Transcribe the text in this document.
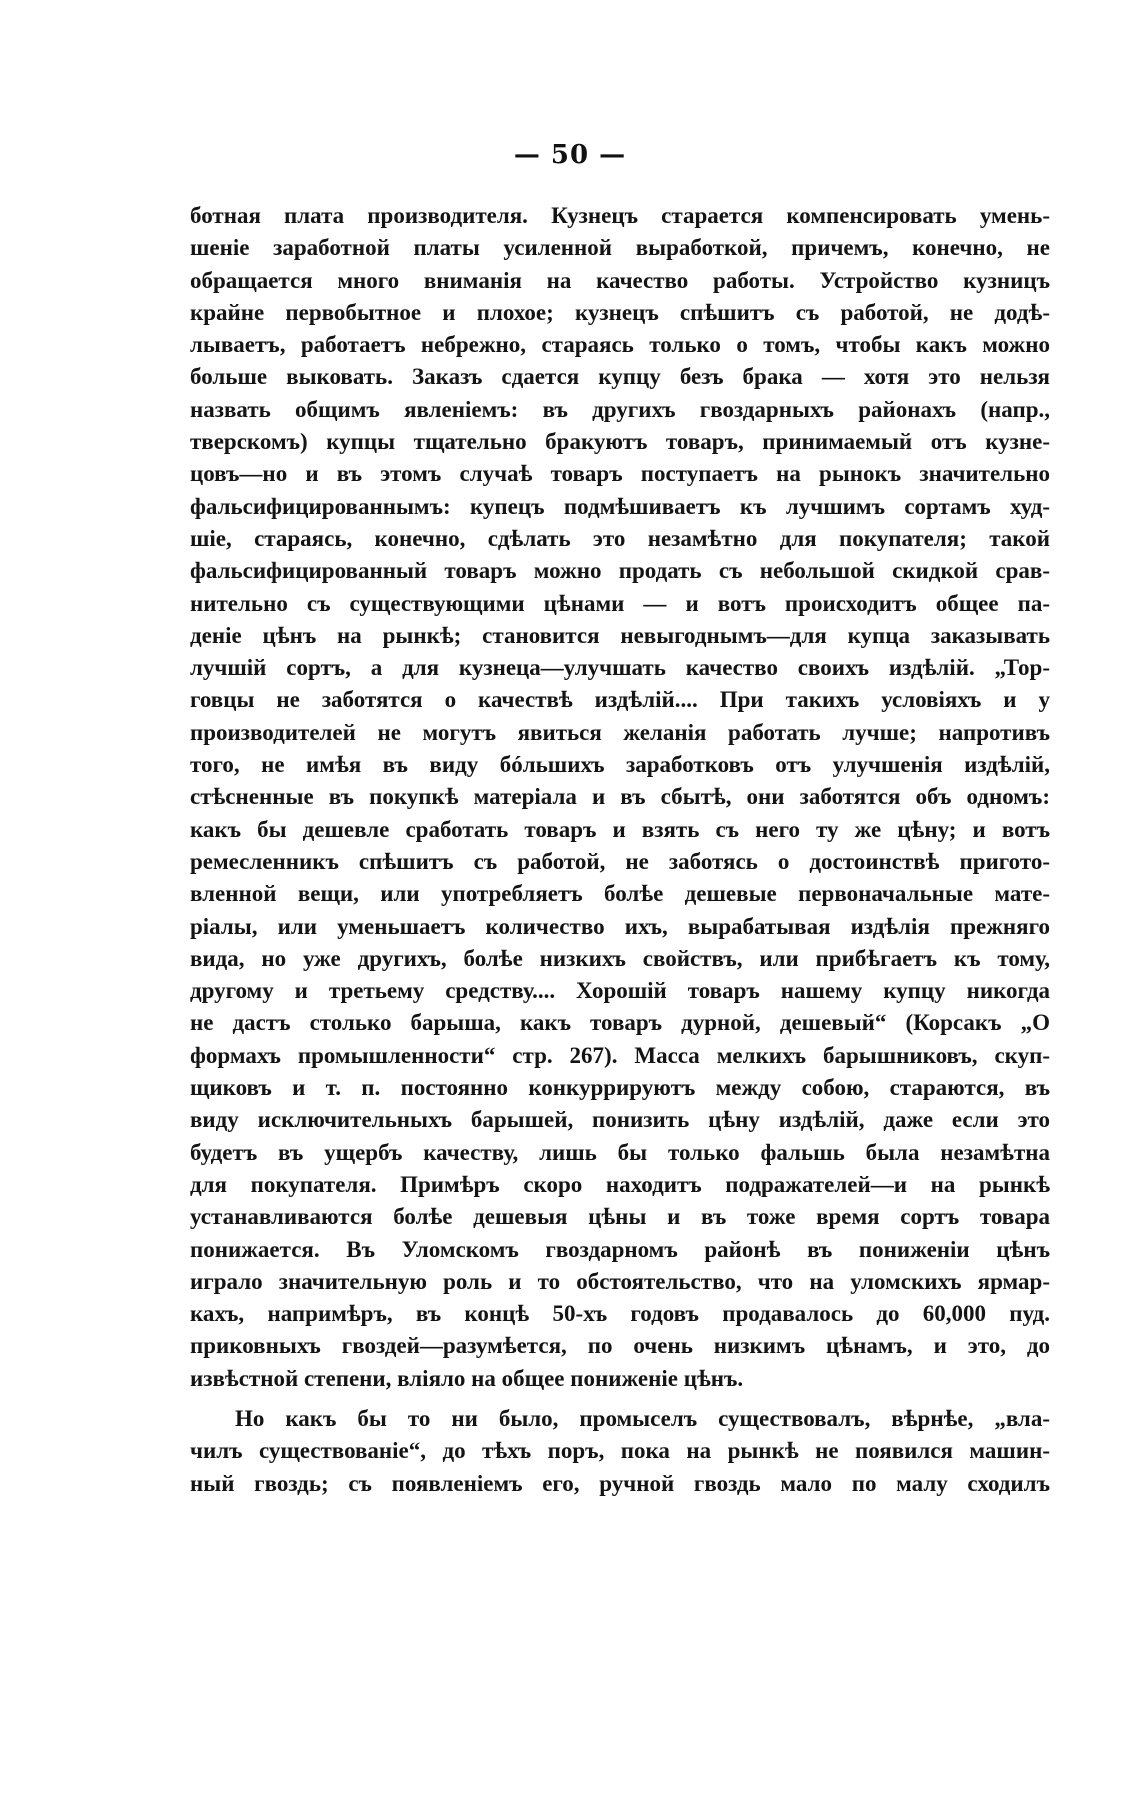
— 50 —
ботная плата производителя. Кузнецъ старается компенсировать умень-
шеніе заработной платы усиленной выработкой, причемъ, конечно, не
обращается много вниманія на качество работы. Устройство кузницъ
крайне первобытное и плохое; кузнецъ спѣшитъ съ работой, не додѣ-
лываетъ, работаетъ небрежно, стараясь только о томъ, чтобы какъ можно
больше выковать. Заказъ сдается купцу безъ брака — хотя это нельзя
назвать общимъ явленіемъ: въ другихъ гвоздарныхъ районахъ (напр.,
тверскомъ) купцы тщательно бракуютъ товаръ, принимаемый отъ кузне-
цовъ—но и въ этомъ случаѣ товаръ поступаетъ на рынокъ значительно
фальсифицированнымъ: купецъ подмѣшиваетъ къ лучшимъ сортамъ худ-
шіе, стараясь, конечно, сдѣлать это незамѣтно для покупателя; такой
фальсифицированный товаръ можно продать съ небольшой скидкой срав-
нительно съ существующими цѣнами — и вотъ происходитъ общее па-
деніе цѣнъ на рынкѣ; становится невыгоднымъ—для купца заказывать
лучшій сортъ, а для кузнеца—улучшать качество своихъ издѣлій. „Тор-
говцы не заботятся о качествѣ издѣлій.... При такихъ условіяхъ и у
производителей не могутъ явиться желанія работать лучше; напротивъ
того, не имѣя въ виду бóльшихъ заработковъ отъ улучшенія издѣлій,
стѣсненные въ покупкѣ матеріала и въ сбытѣ, они заботятся объ одномъ:
какъ бы дешевле сработать товаръ и взять съ него ту же цѣну; и вотъ
ремесленникъ спѣшитъ съ работой, не заботясь о достоинствѣ пригото-
вленной вещи, или употребляетъ болѣе дешевые первоначальные мате-
ріалы, или уменьшаетъ количество ихъ, вырабатывая издѣлія прежняго
вида, но уже другихъ, болѣе низкихъ свойствъ, или прибѣгаетъ къ тому,
другому и третьему средству.... Хорошій товаръ нашему купцу никогда
не дастъ столько барыша, какъ товаръ дурной, дешевый“ (Корсакъ „О
формахъ промышленности“ стр. 267). Масса мелкихъ барышниковъ, скуп-
щиковъ и т. п. постоянно конкуррируютъ между собою, стараются, въ
виду исключительныхъ барышей, понизить цѣну издѣлій, даже если это
будетъ въ ущербъ качеству, лишь бы только фальшь была незамѣтна
для покупателя. Примѣръ скоро находитъ подражателей—и на рынкѣ
устанавливаются болѣе дешевыя цѣны и въ тоже время сортъ товара
понижается. Въ Уломскомъ гвоздарномъ районѣ въ пониженіи цѣнъ
играло значительную роль и то обстоятельство, что на уломскихъ ярмар-
кахъ, напримѣръ, въ концѣ 50-хъ годовъ продавалось до 60,000 пуд.
приковныхъ гвоздей—разумѣется, по очень низкимъ цѣнамъ, и это, до
извѣстной степени, вліяло на общее пониженіе цѣнъ.
Но какъ бы то ни было, промыселъ существовалъ, вѣрнѣе, „вла-
чилъ существованіе“, до тѣхъ поръ, пока на рынкѣ не появился машин-
ный гвоздь; съ появленіемъ его, ручной гвоздь мало по малу сходилъ
